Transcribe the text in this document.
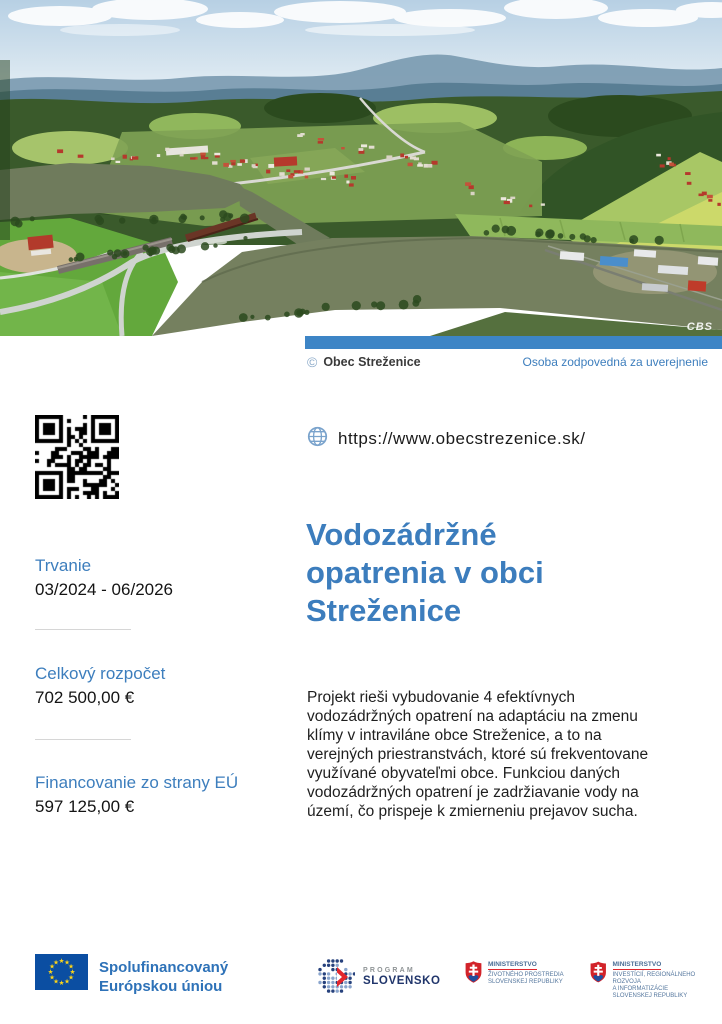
CBS
© Obec Streženice	Osoba zodpovedná za uverejnenie
https://www.obecstrezenice.sk/
Trvanie
03/2024 - 06/2026
Celkový rozpočet
702 500,00 €
Financovanie zo strany EÚ
597 125,00 €
Vodozádržné opatrenia v obci Streženice

Projekt rieši vybudovanie 4 efektívnych vodozádržných opatrení na adaptáciu na zmenu klímy v intraviláne obce Streženice, a to na verejných priestranstvách, ktoré sú frekventovane využívané obyvateľmi obce. Funkciou daných vodozádržných opatrení je zadržiavanie vody na území, čo prispeje k zmierneniu prejavov sucha.

★ ★
★
★
★
★
★
★
★
★
★
★	Spolufinancovaný
Európskou úniou
PROGRAM
SLOVENSKO
MINISTERSTVO
ŽIVOTNÉHO PROSTREDIA
SLOVENSKEJ REPUBLIKY
MINISTERSTVO
INVESTÍCIÍ, REGIONÁLNEHO ROZVOJA
A INFORMATIZÁCIE
SLOVENSKEJ REPUBLIKY
